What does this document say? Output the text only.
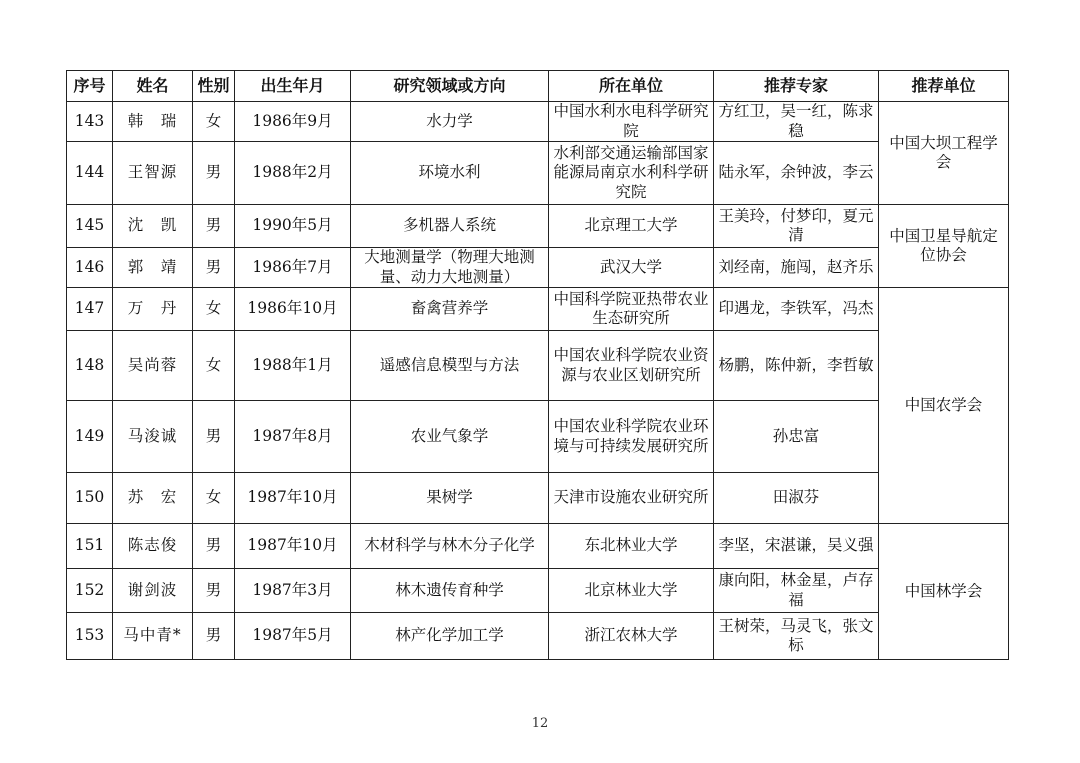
序号	姓名	性别	出生年月	研究领域或方向	所在单位	推荐专家	推荐单位
143	韩　瑞	女	1986年9月	水力学	中国水利水电科学研究院	方红卫，吴一红，陈求稳	中国大坝工程学会
144	王智源	男	1988年2月	环境水利	水利部交通运输部国家能源局南京水利科学研究院	陆永军，余钟波，李云	
145	沈　凯	男	1990年5月	多机器人系统	北京理工大学	王美玲，付梦印，夏元清	中国卫星导航定位协会
146	郭　靖	男	1986年7月	大地测量学（物理大地测量、动力大地测量）	武汉大学	刘经南，施闯，赵齐乐	
147	万　丹	女	1986年10月	畜禽营养学	中国科学院亚热带农业生态研究所	印遇龙，李铁军，冯杰	中国农学会
148	吴尚蓉	女	1988年1月	遥感信息模型与方法	中国农业科学院农业资源与农业区划研究所	杨鹏，陈仲新，李哲敏	
149	马浚诚	男	1987年8月	农业气象学	中国农业科学院农业环境与可持续发展研究所	孙忠富	
150	苏　宏	女	1987年10月	果树学	天津市设施农业研究所	田淑芬	
151	陈志俊	男	1987年10月	木材科学与林木分子化学	东北林业大学	李坚，宋湛谦，吴义强	中国林学会
152	谢剑波	男	1987年3月	林木遗传育种学	北京林业大学	康向阳，林金星，卢存福	
153	马中青*	男	1987年5月	林产化学加工学	浙江农林大学	王树荣，马灵飞，张文标	
12
